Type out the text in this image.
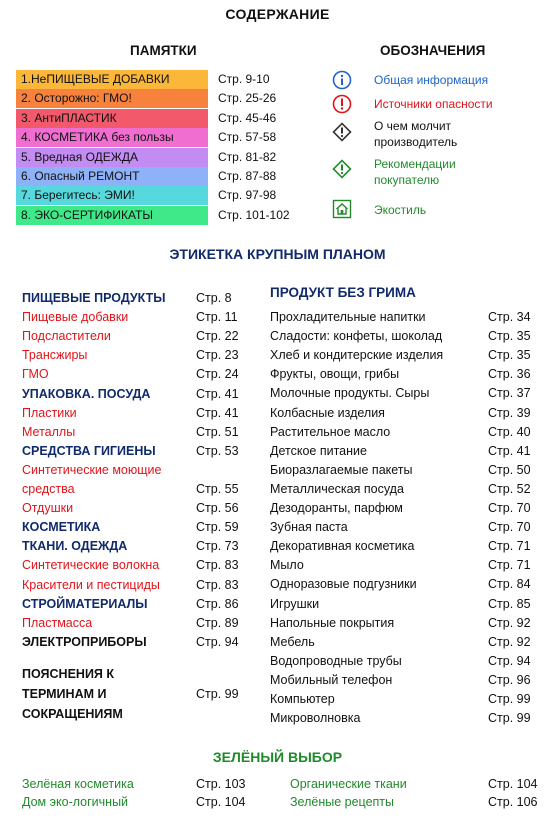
СОДЕРЖАНИЕ
ПАМЯТКИ	ОБОЗНАЧЕНИЯ
1.НеПИЩЕВЫЕ ДОБАВКИ	Стр. 9-10
2. Осторожно: ГМО!	Стр. 25-26
3. АнтиПЛАСТИК	Стр. 45-46
4. КОСМЕТИКА без пользы	Стр. 57-58
5. Вредная ОДЕЖДА	Стр. 81-82
6. Опасный РЕМОНТ	Стр. 87-88
7. Берегитесь: ЭМИ!	Стр. 97-98
8. ЭКО-СЕРТИФИКАТЫ	Стр. 101-102
Общая информация
Источники опасности
О чем молчит производитель
Рекомендации покупателю
Экостиль
ЭТИКЕТКА КРУПНЫМ ПЛАНОМ
ПИЩЕВЫЕ ПРОДУКТЫ Стр. 8
Пищевые добавки	Стр. 11
Подсластители	Стр. 22
Трансжиры	Стр. 23
ГМО	Стр. 24
УПАКОВКА. ПОСУДА	Стр. 41
Пластики	Стр. 41
Металлы	Стр. 51
СРЕДСТВА ГИГИЕНЫ	Стр. 53
Синтетические моющие
средства	Стр. 55
Отдушки	Стр. 56
КОСМЕТИКА	Стр. 59
ТКАНИ. ОДЕЖДА	Стр. 73
Синтетические волокна	Стр. 83
Красители и пестициды	Стр. 83
СТРОЙМАТЕРИАЛЫ	Стр. 86
Пластмасса	Стр. 89
ЭЛЕКТРОПРИБОРЫ	Стр. 94
ПОЯСНЕНИЯ К
ТЕРМИНАМ И
СОКРАЩЕНИЯМ
Стр. 99
ПРОДУКТ БЕЗ ГРИМА
Прохладительные напитки	Стр. 34
Сладости: конфеты, шоколад	Стр. 35
Хлеб и кондитерские изделия	Стр. 35
Фрукты, овощи, грибы	Стр. 36
Молочные продукты. Сыры	Стр. 37
Колбасные изделия	Стр. 39
Растительное масло	Стр. 40
Детское питание	Стр. 41
Биоразлагаемые пакеты	Стр. 50
Металлическая посуда	Стр. 52
Дезодоранты, парфюм	Стр. 70
Зубная паста	Стр. 70
Декоративная косметика	Стр. 71
Мыло	Стр. 71
Одноразовые подгузники	Стр. 84
Игрушки	Стр. 85
Напольные покрытия	Стр. 92
Мебель	Стр. 92
Водопроводные трубы	Стр. 94
Мобильный телефон	Стр. 96
Компьютер	Стр. 99
Микроволновка	Стр. 99
ЗЕЛЁНЫЙ ВЫБОР
Зелёная косметика	Стр. 103
Дом эко-логичный	Стр. 104
Органические ткани	Стр. 104
Зелёные рецепты	Стр. 106
